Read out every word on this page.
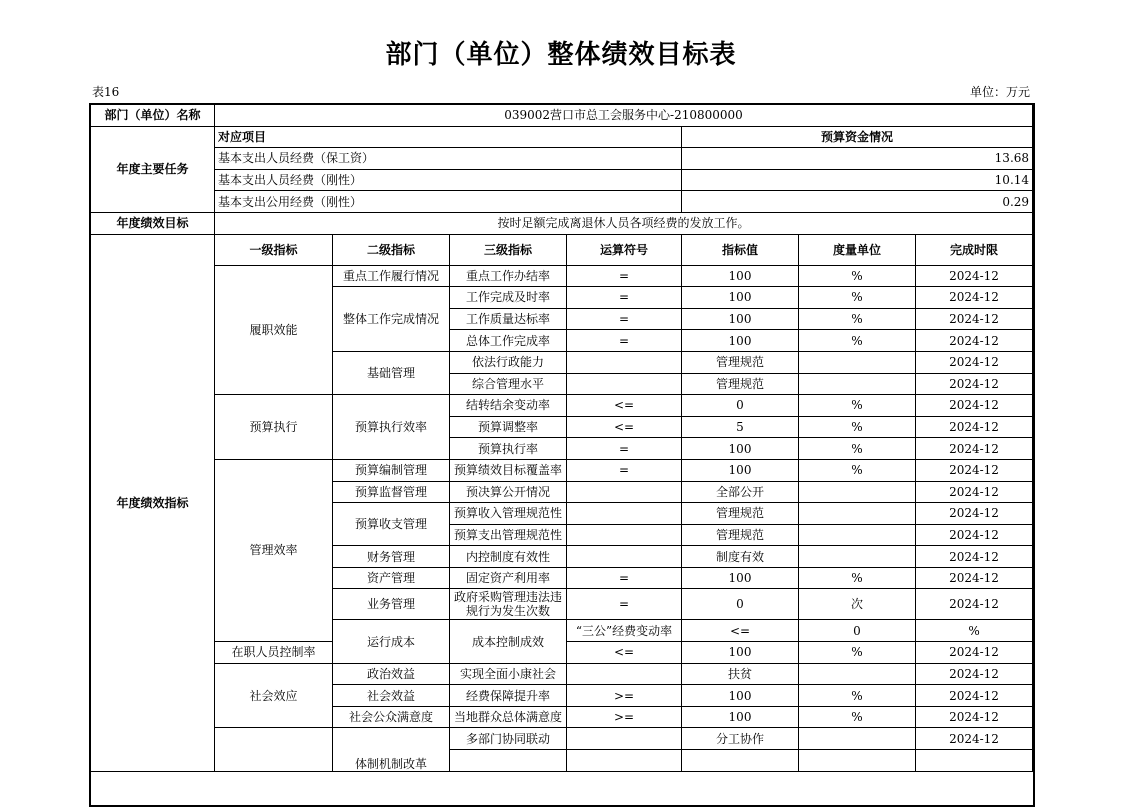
部门（单位）整体绩效目标表
表16	单位：万元
部门（单位）名称	039002营口市总工会服务中心-210800000							
年度主要任务	对应项目				预算资金情况			
	基本支出人员经费（保工资）				13.68			
	基本支出人员经费（刚性）				10.14			
	基本支出公用经费（刚性）				0.29			
年度绩效目标	按时足额完成离退休人员各项经费的发放工作。							
年度绩效指标	一级指标	二级指标	三级指标	运算符号	指标值	度量单位	完成时限	
	履职效能	重点工作履行情况	重点工作办结率	=	100	%	2024-12	
		整体工作完成情况	工作完成及时率	=	100	%	2024-12	
			工作质量达标率	=	100	%	2024-12	
			总体工作完成率	=	100	%	2024-12	
		基础管理	依法行政能力		管理规范		2024-12	
			综合管理水平		管理规范		2024-12	
	预算执行	预算执行效率	结转结余变动率	<=	0	%	2024-12	
			预算调整率	<=	5	%	2024-12	
			预算执行率	=	100	%	2024-12	
	管理效率	预算编制管理	预算绩效目标覆盖率	=	100	%	2024-12	
		预算监督管理	预决算公开情况		全部公开		2024-12	
		预算收支管理	预算收入管理规范性		管理规范		2024-12	
			预算支出管理规范性		管理规范		2024-12	
		财务管理	内控制度有效性		制度有效		2024-12	
		资产管理	固定资产利用率	=	100	%	2024-12	
		业务管理	政府采购管理违法违规行为发生次数	=	0	次	2024-12	
		运行成本	成本控制成效	“三公”经费变动率	<=	0	%	
	在职人员控制率			<=	100	%	2024-12	
	社会效应	政治效益	实现全面小康社会		扶贫		2024-12	
		社会效益	经费保障提升率	>=	100	%	2024-12	
		社会公众满意度	当地群众总体满意度	>=	100	%	2024-12	
		体制机制改革	多部门协同联动		分工协作		2024-12	
